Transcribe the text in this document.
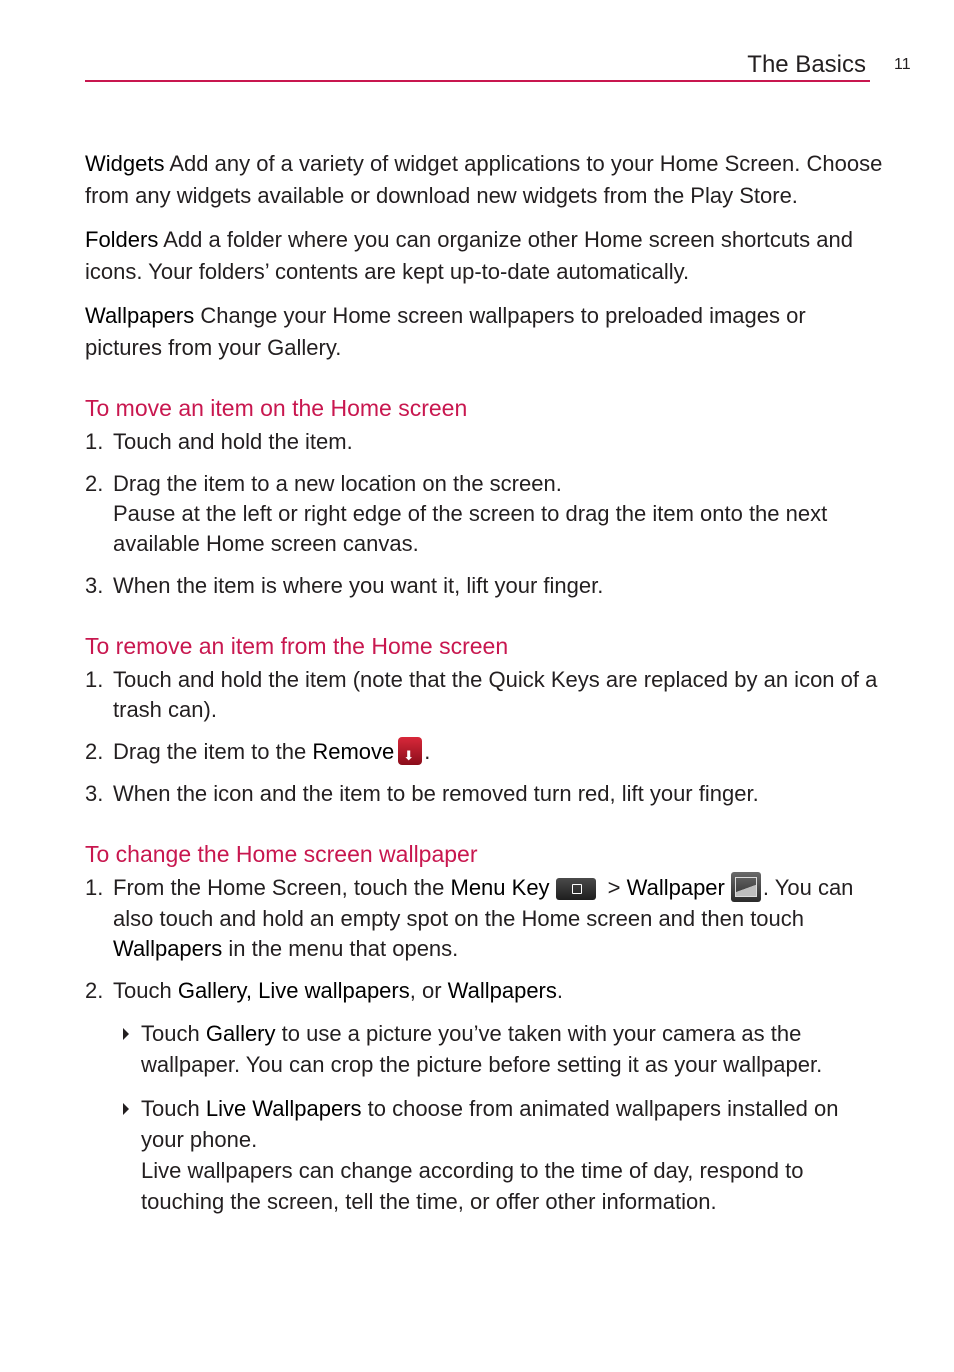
The Basics 11

Widgets Add any of a variety of widget applications to your Home Screen. Choose from any widgets available or download new widgets from the Play Store.

Folders Add a folder where you can organize other Home screen shortcuts and icons. Your folders’ contents are kept up-to-date automatically.

Wallpapers Change your Home screen wallpapers to preloaded images or pictures from your Gallery.

To move an item on the Home screen
1. Touch and hold the item.
2. Drag the item to a new location on the screen.
Pause at the left or right edge of the screen to drag the item onto the next available Home screen canvas.
3. When the item is where you want it, lift your finger.
To remove an item from the Home screen
1. Touch and hold the item (note that the Quick Keys are replaced by an icon of a trash can).
2. Drag the item to the Remove⬇ .
3. When the icon and the item to be removed turn red, lift your finger.
To change the Home screen wallpaper
1. From the Home Screen, touch the Menu Key > Wallpaper . You can also touch and hold an empty spot on the Home screen and then touch Wallpapers in the menu that opens.
2. Touch Gallery, Live wallpapers, or Wallpapers.
Touch Gallery to use a picture you’ve taken with your camera as the wallpaper. You can crop the picture before setting it as your wallpaper.
Touch Live Wallpapers to choose from animated wallpapers installed on your phone.
Live wallpapers can change according to the time of day, respond to touching the screen, tell the time, or offer other information.
